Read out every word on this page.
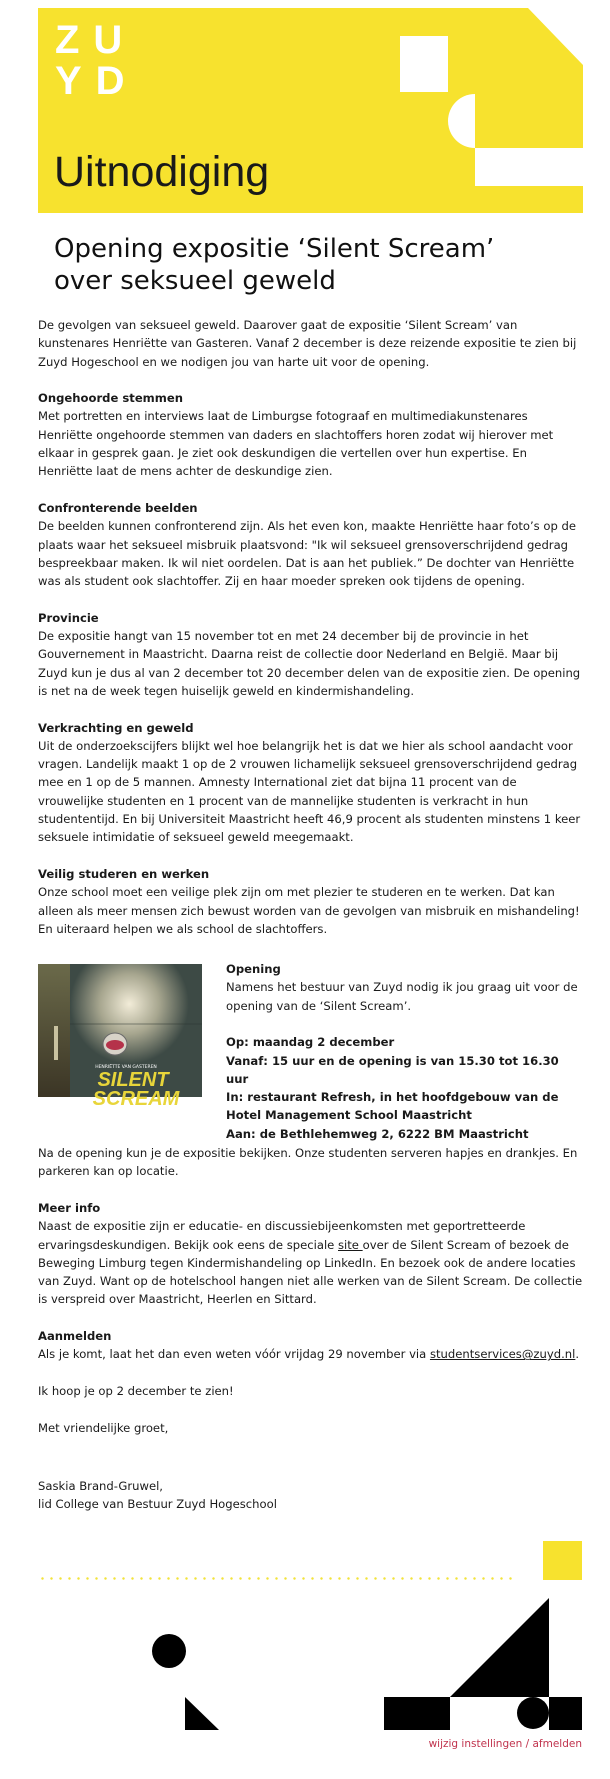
ZU
YD
Uitnodiging
Opening expositie ‘Silent Scream’
over seksueel geweld

De gevolgen van seksueel geweld. Daarover gaat de expositie ‘Silent Scream’ van kunstenares Henriëtte van Gasteren. Vanaf 2 december is deze reizende expositie te zien bij Zuyd Hogeschool en we nodigen jou van harte uit voor de opening.

Ongehoorde stemmen
Met portretten en interviews laat de Limburgse fotograaf en multimediakunstenares Henriëtte ongehoorde stemmen van daders en slachtoffers horen zodat wij hierover met elkaar in gesprek gaan. Je ziet ook deskundigen die vertellen over hun expertise. En Henriëtte laat de mens achter de deskundige zien.
Confronterende beelden
De beelden kunnen confronterend zijn. Als het even kon, maakte Henriëtte haar foto’s op de plaats waar het seksueel misbruik plaatsvond: "Ik wil seksueel grensoverschrijdend gedrag bespreekbaar maken. Ik wil niet oordelen. Dat is aan het publiek.” De dochter van Henriëtte was als student ook slachtoffer. Zij en haar moeder spreken ook tijdens de opening.
Provincie
De expositie hangt van 15 november tot en met 24 december bij de provincie in het Gouvernement in Maastricht. Daarna reist de collectie door Nederland en België. Maar bij Zuyd kun je dus al van 2 december tot 20 december delen van de expositie zien. De opening is net na de week tegen huiselijk geweld en kindermishandeling.
Verkrachting en geweld
Uit de onderzoekscijfers blijkt wel hoe belangrijk het is dat we hier als school aandacht voor vragen. Landelijk maakt 1 op de 2 vrouwen lichamelijk seksueel grensoverschrijdend gedrag mee en 1 op de 5 mannen. Amnesty International ziet dat bijna 11 procent van de vrouwelijke studenten en 1 procent van de mannelijke studenten is verkracht in hun studententijd. En bij Universiteit Maastricht heeft 46,9 procent als studenten minstens 1 keer seksuele intimidatie of seksueel geweld meegemaakt.
Veilig studeren en werken
Onze school moet een veilige plek zijn om met plezier te studeren en te werken. Dat kan alleen als meer mensen zich bewust worden van de gevolgen van misbruik en mishandeling! En uiteraard helpen we als school de slachtoffers.
HENRIËTTE VAN GASTEREN
SILENT
SCREAM
Opening
Namens het bestuur van Zuyd nodig ik jou graag uit voor de opening van de ‘Silent Scream’.
Op: maandag 2 december
Vanaf: 15 uur en de opening is van 15.30 tot 16.30 uur
In: restaurant Refresh, in het hoofdgebouw van de Hotel Management School Maastricht
Aan: de Bethlehemweg 2, 6222 BM Maastricht

Na de opening kun je de expositie bekijken. Onze studenten serveren hapjes en drankjes. En parkeren kan op locatie.

Meer info
Naast de expositie zijn er educatie- en discussiebijeenkomsten met geportretteerde ervaringsdeskundigen. Bekijk ook eens de speciale site over de Silent Scream of bezoek de Beweging Limburg tegen Kindermishandeling op LinkedIn. En bezoek ook de andere locaties van Zuyd. Want op de hotelschool hangen niet alle werken van de Silent Scream. De collectie is verspreid over Maastricht, Heerlen en Sittard.
Aanmelden
Als je komt, laat het dan even weten vóór vrijdag 29 november via studentservices@zuyd.nl.

Ik hoop je op 2 december te zien!

Met vriendelijke groet,

Saskia Brand-Gruwel,
lid College van Bestuur Zuyd Hogeschool
wijzig instellingen / afmelden
